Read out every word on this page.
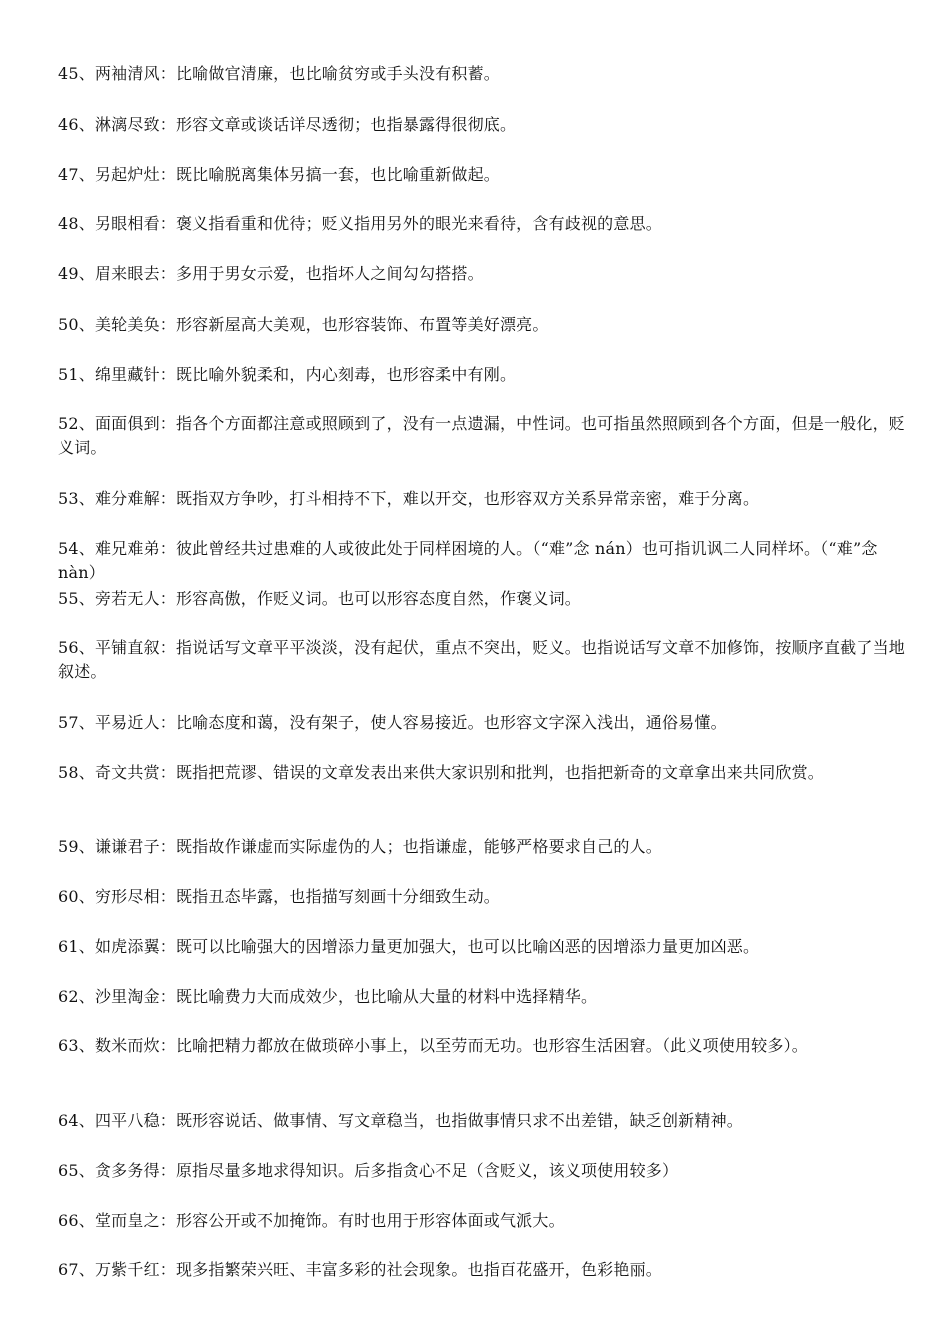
45、两袖清风：比喻做官清廉，也比喻贫穷或手头没有积蓄。

46、淋漓尽致：形容文章或谈话详尽透彻；也指暴露得很彻底。

47、另起炉灶：既比喻脱离集体另搞一套，也比喻重新做起。

48、另眼相看：褒义指看重和优待；贬义指用另外的眼光来看待，含有歧视的意思。

49、眉来眼去：多用于男女示爱，也指坏人之间勾勾搭搭。

50、美轮美奂：形容新屋高大美观，也形容装饰、布置等美好漂亮。

51、绵里藏针：既比喻外貌柔和，内心刻毒，也形容柔中有刚。

52、面面俱到：指各个方面都注意或照顾到了，没有一点遗漏，中性词。也可指虽然照顾到各个方面，但是一般化，贬义词。

53、难分难解：既指双方争吵，打斗相持不下，难以开交，也形容双方关系异常亲密，难于分离。

54、难兄难弟：彼此曾经共过患难的人或彼此处于同样困境的人。（“难”念 nán）也可指讥讽二人同样坏。（“难”念 nàn）

55、旁若无人：形容高傲，作贬义词。也可以形容态度自然，作褒义词。

56、平铺直叙：指说话写文章平平淡淡，没有起伏，重点不突出，贬义。也指说话写文章不加修饰，按顺序直截了当地叙述。

57、平易近人：比喻态度和蔼，没有架子，使人容易接近。也形容文字深入浅出，通俗易懂。

58、奇文共赏：既指把荒谬、错误的文章发表出来供大家识别和批判，也指把新奇的文章拿出来共同欣赏。

59、谦谦君子：既指故作谦虚而实际虚伪的人；也指谦虚，能够严格要求自己的人。

60、穷形尽相：既指丑态毕露，也指描写刻画十分细致生动。

61、如虎添翼：既可以比喻强大的因增添力量更加强大，也可以比喻凶恶的因增添力量更加凶恶。

62、沙里淘金：既比喻费力大而成效少，也比喻从大量的材料中选择精华。

63、数米而炊：比喻把精力都放在做琐碎小事上，以至劳而无功。也形容生活困窘。（此义项使用较多）。

64、四平八稳：既形容说话、做事情、写文章稳当，也指做事情只求不出差错，缺乏创新精神。

65、贪多务得：原指尽量多地求得知识。后多指贪心不足（含贬义，该义项使用较多）

66、堂而皇之：形容公开或不加掩饰。有时也用于形容体面或气派大。

67、万紫千红：现多指繁荣兴旺、丰富多彩的社会现象。也指百花盛开，色彩艳丽。
